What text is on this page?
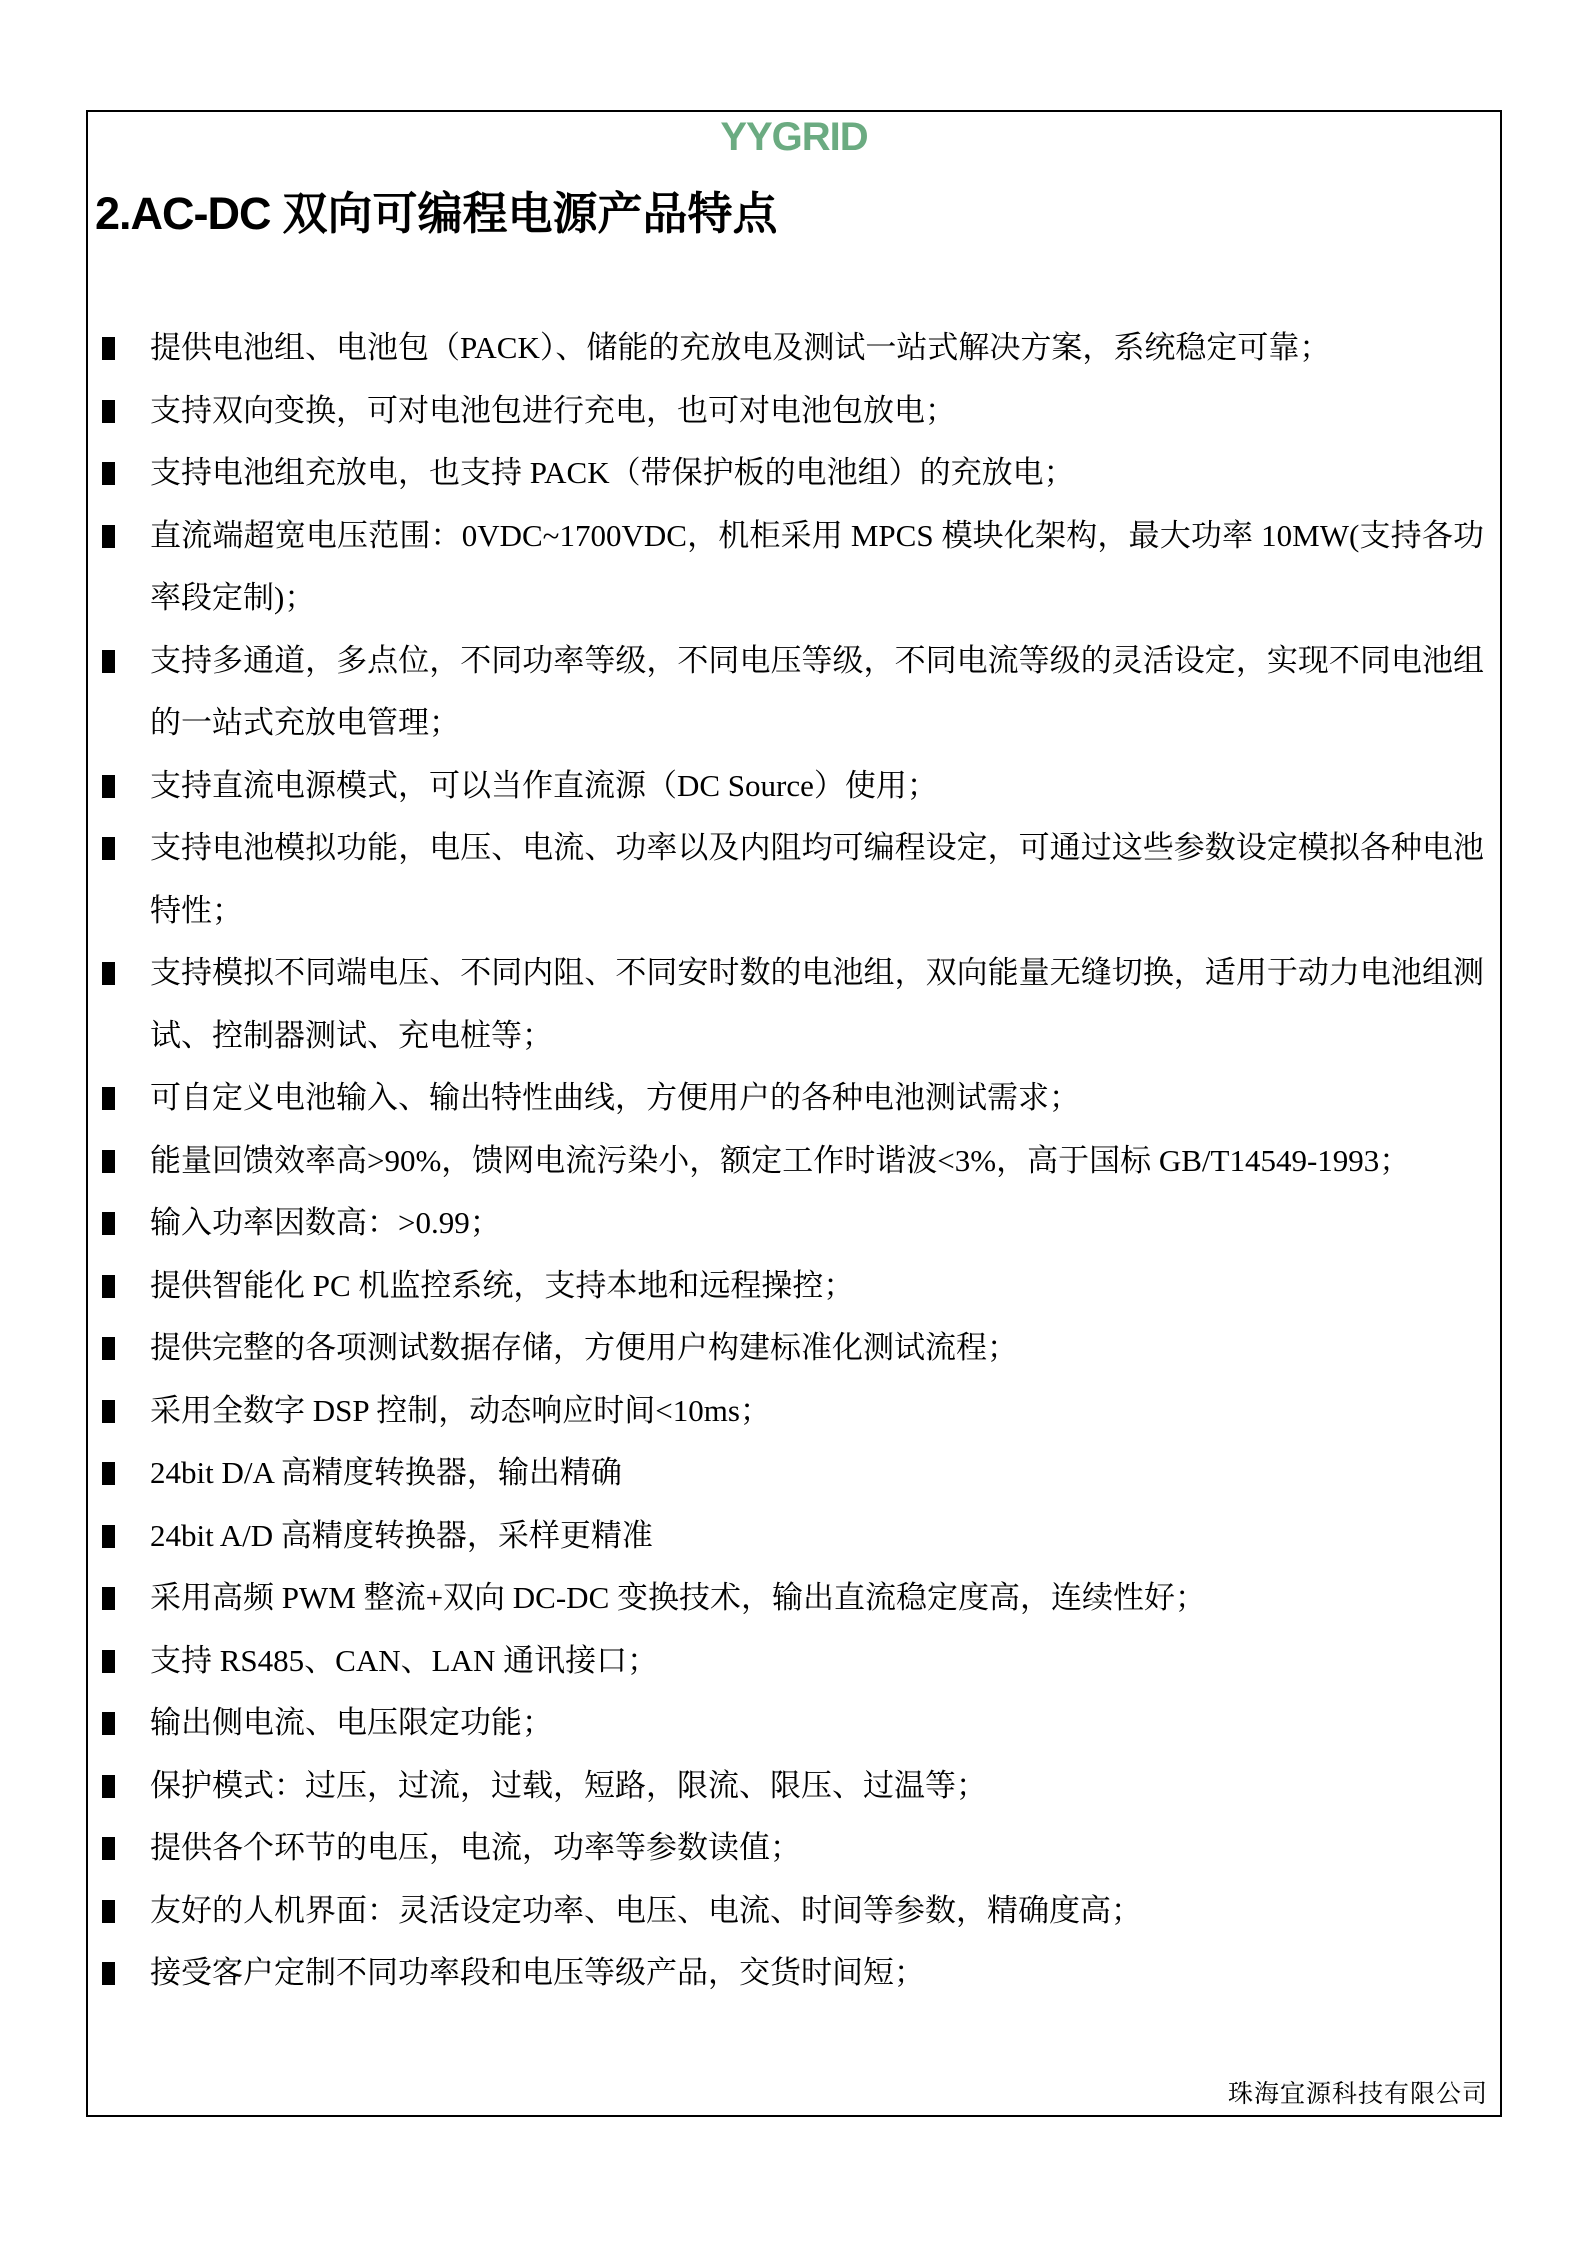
YYGRID
2.AC-DC 双向可编程电源产品特点
提供电池组、电池包（PACK）、储能的充放电及测试一站式解决方案，系统稳定可靠；
支持双向变换，可对电池包进行充电，也可对电池包放电；
支持电池组充放电，也支持 PACK（带保护板的电池组）的充放电；
直流端超宽电压范围：0VDC~1700VDC，机柜采用 MPCS 模块化架构，最大功率 10MW(支持各功率段定制)；
支持多通道，多点位，不同功率等级，不同电压等级，不同电流等级的灵活设定，实现不同电池组的一站式充放电管理；
支持直流电源模式，可以当作直流源（DC Source）使用；
支持电池模拟功能，电压、电流、功率以及内阻均可编程设定，可通过这些参数设定模拟各种电池特性；
支持模拟不同端电压、不同内阻、不同安时数的电池组，双向能量无缝切换，适用于动力电池组测试、控制器测试、充电桩等；
可自定义电池输入、输出特性曲线，方便用户的各种电池测试需求；
能量回馈效率高>90%，馈网电流污染小，额定工作时谐波<3%，高于国标 GB/T14549-1993；
输入功率因数高：>0.99；
提供智能化 PC 机监控系统，支持本地和远程操控；
提供完整的各项测试数据存储，方便用户构建标准化测试流程；
采用全数字 DSP 控制，动态响应时间<10ms；
24bit D/A 高精度转换器，输出精确
24bit A/D 高精度转换器，采样更精准
采用高频 PWM 整流+双向 DC-DC 变换技术，输出直流稳定度高，连续性好；
支持 RS485、CAN、LAN 通讯接口；
输出侧电流、电压限定功能；
保护模式：过压，过流，过载，短路，限流、限压、过温等；
提供各个环节的电压，电流，功率等参数读值；
友好的人机界面：灵活设定功率、电压、电流、时间等参数，精确度高；
接受客户定制不同功率段和电压等级产品，交货时间短；
珠海宜源科技有限公司
